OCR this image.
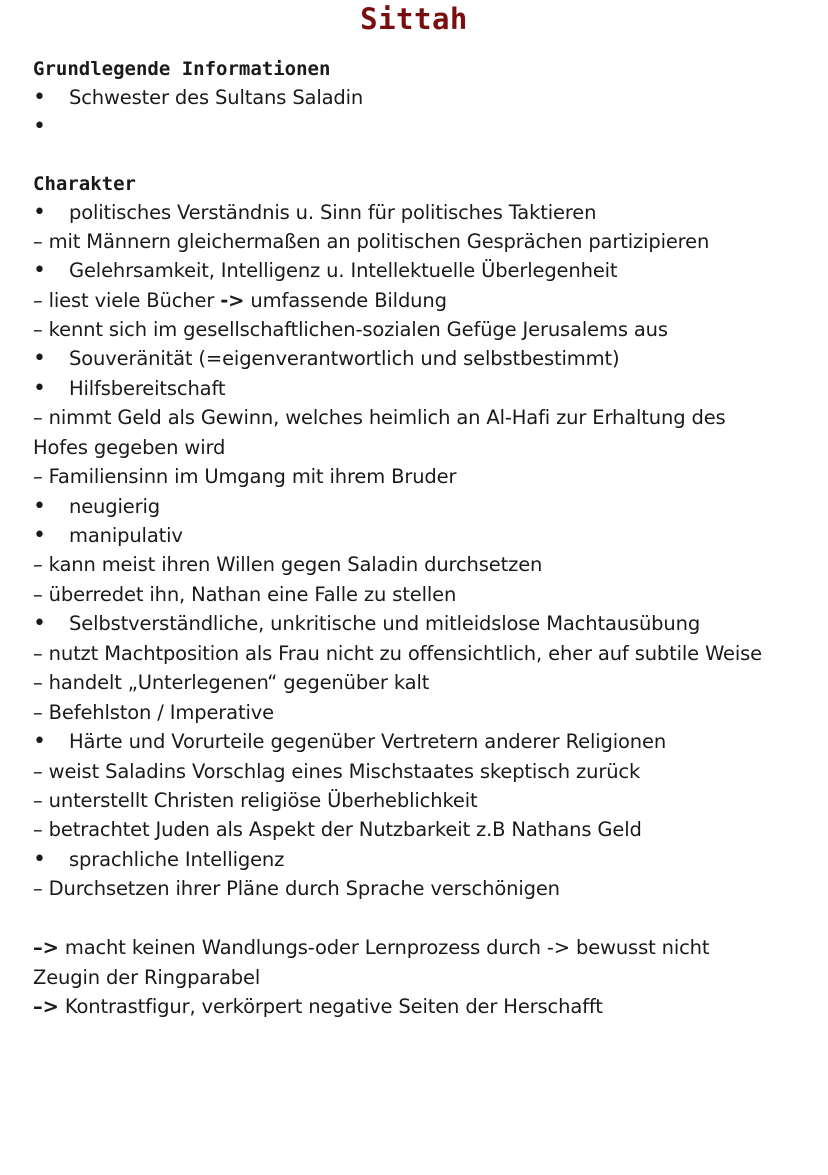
Sittah
Grundlegende Informationen
• Schwester des Sultans Saladin
Charakter
• politisches Verständnis u. Sinn für politisches Taktieren
– mit Männern gleichermaßen an politischen Gesprächen partizipieren
• Gelehrsamkeit, Intelligenz u. Intellektuelle Überlegenheit
– liest viele Bücher -> umfassende Bildung
– kennt sich im gesellschaftlichen-sozialen Gefüge Jerusalems aus
• Souveränität (=eigenverantwortlich und selbstbestimmt)
• Hilfsbereitschaft
– nimmt Geld als Gewinn, welches heimlich an Al-Hafi zur Erhaltung des
Hofes gegeben wird
– Familiensinn im Umgang mit ihrem Bruder
• neugierig
• manipulativ
– kann meist ihren Willen gegen Saladin durchsetzen
– überredet ihn, Nathan eine Falle zu stellen
• Selbstverständliche, unkritische und mitleidslose Machtausübung
– nutzt Machtposition als Frau nicht zu offensichtlich, eher auf subtile Weise
– handelt „Unterlegenen“ gegenüber kalt
– Befehlston / Imperative
• Härte und Vorurteile gegenüber Vertretern anderer Religionen
– weist Saladins Vorschlag eines Mischstaates skeptisch zurück
– unterstellt Christen religiöse Überheblichkeit
– betrachtet Juden als Aspekt der Nutzbarkeit z.B Nathans Geld
• sprachliche Intelligenz
– Durchsetzen ihrer Pläne durch Sprache verschönigen
–> macht keinen Wandlungs-oder Lernprozess durch -> bewusst nicht
Zeugin der Ringparabel
–> Kontrastfigur, verkörpert negative Seiten der Herschafft
